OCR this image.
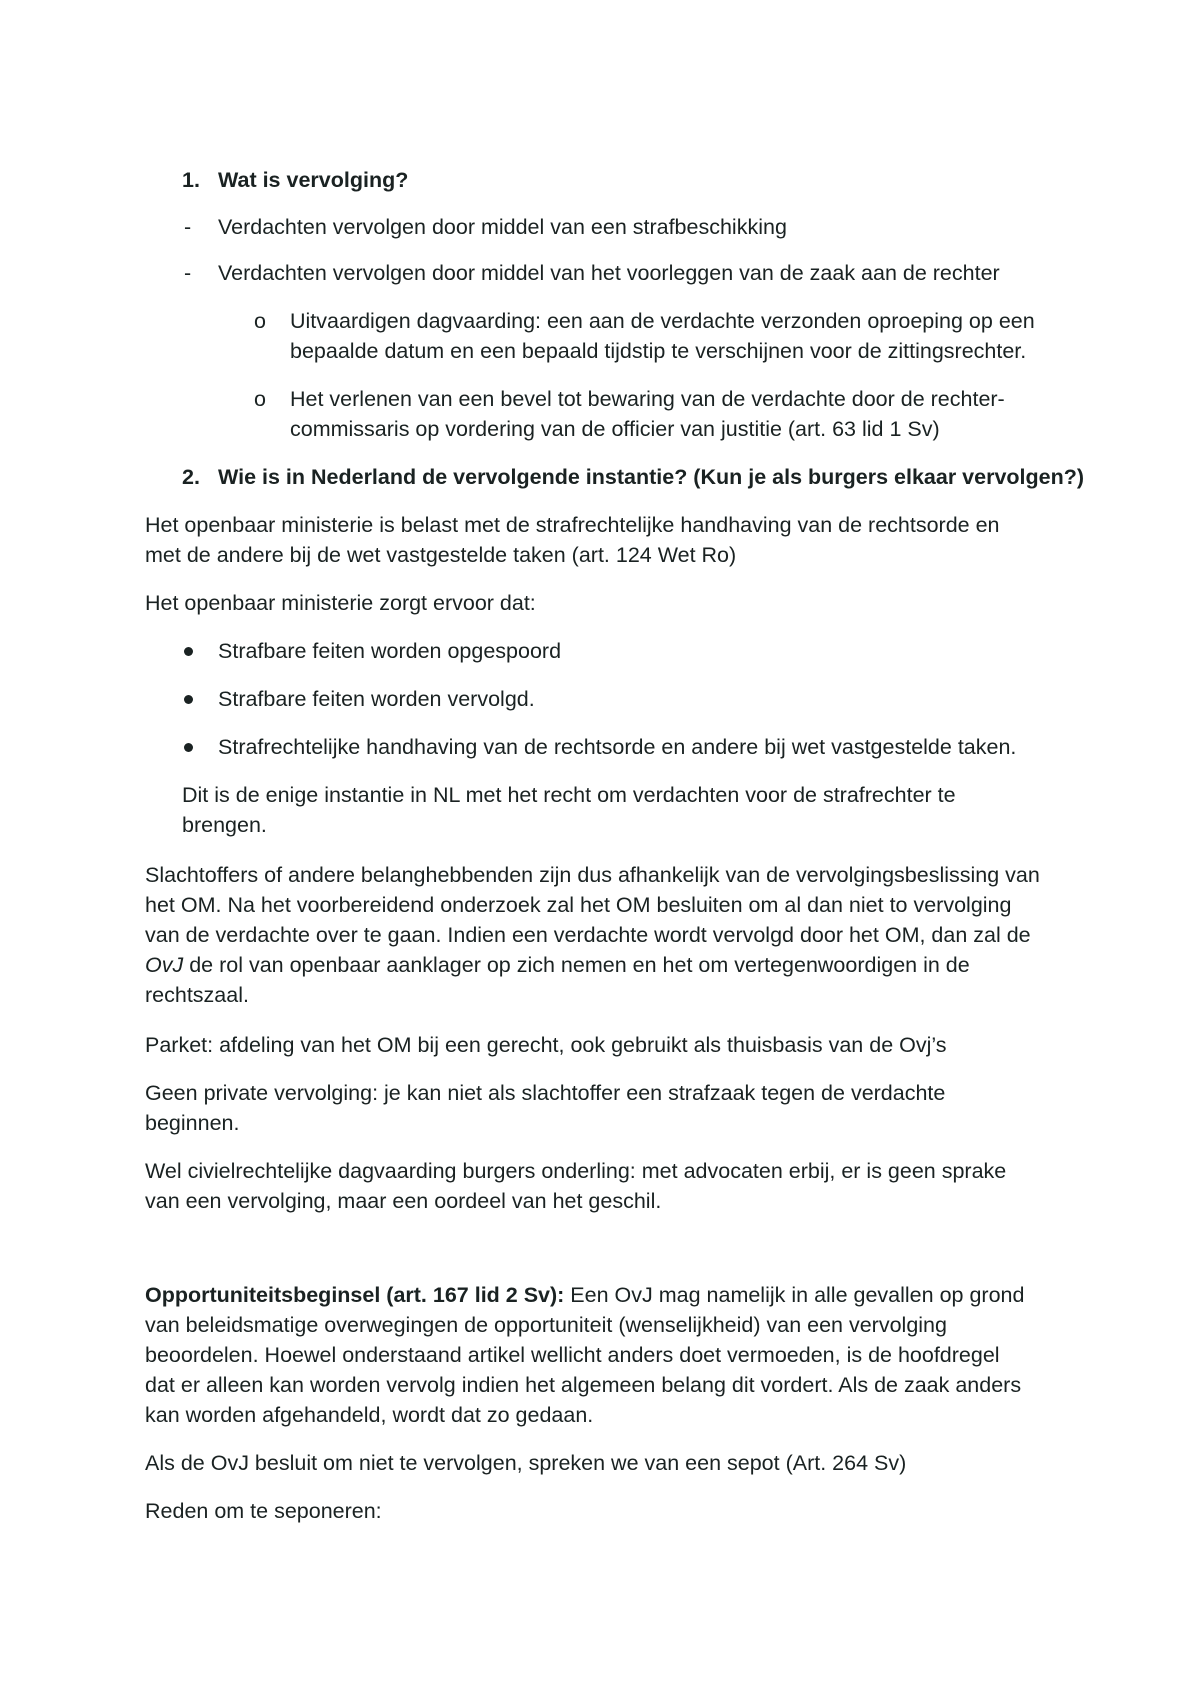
1. Wat is vervolging?
- Verdachten vervolgen door middel van een strafbeschikking
- Verdachten vervolgen door middel van het voorleggen van de zaak aan de rechter
o Uitvaardigen dagvaarding: een aan de verdachte verzonden oproeping op een
bepaalde datum en een bepaald tijdstip te verschijnen voor de zittingsrechter.
o Het verlenen van een bevel tot bewaring van de verdachte door de rechter-
commissaris op vordering van de officier van justitie (art. 63 lid 1 Sv)
2. Wie is in Nederland de vervolgende instantie? (Kun je als burgers elkaar vervolgen?)
Het openbaar ministerie is belast met de strafrechtelijke handhaving van de rechtsorde en
met de andere bij de wet vastgestelde taken (art. 124 Wet Ro)
Het openbaar ministerie zorgt ervoor dat:
Strafbare feiten worden opgespoord
Strafbare feiten worden vervolgd.
Strafrechtelijke handhaving van de rechtsorde en andere bij wet vastgestelde taken.
Dit is de enige instantie in NL met het recht om verdachten voor de strafrechter te
brengen.
Slachtoffers of andere belanghebbenden zijn dus afhankelijk van de vervolgingsbeslissing van
het OM. Na het voorbereidend onderzoek zal het OM besluiten om al dan niet to vervolging
van de verdachte over te gaan. Indien een verdachte wordt vervolgd door het OM, dan zal de
OvJ de rol van openbaar aanklager op zich nemen en het om vertegenwoordigen in de
rechtszaal.
Parket: afdeling van het OM bij een gerecht, ook gebruikt als thuisbasis van de Ovj’s
Geen private vervolging: je kan niet als slachtoffer een strafzaak tegen de verdachte
beginnen.
Wel civielrechtelijke dagvaarding burgers onderling: met advocaten erbij, er is geen sprake
van een vervolging, maar een oordeel van het geschil.
Opportuniteitsbeginsel (art. 167 lid 2 Sv): Een OvJ mag namelijk in alle gevallen op grond
van beleidsmatige overwegingen de opportuniteit (wenselijkheid) van een vervolging
beoordelen. Hoewel onderstaand artikel wellicht anders doet vermoeden, is de hoofdregel
dat er alleen kan worden vervolg indien het algemeen belang dit vordert. Als de zaak anders
kan worden afgehandeld, wordt dat zo gedaan.
Als de OvJ besluit om niet te vervolgen, spreken we van een sepot (Art. 264 Sv)
Reden om te seponeren:
